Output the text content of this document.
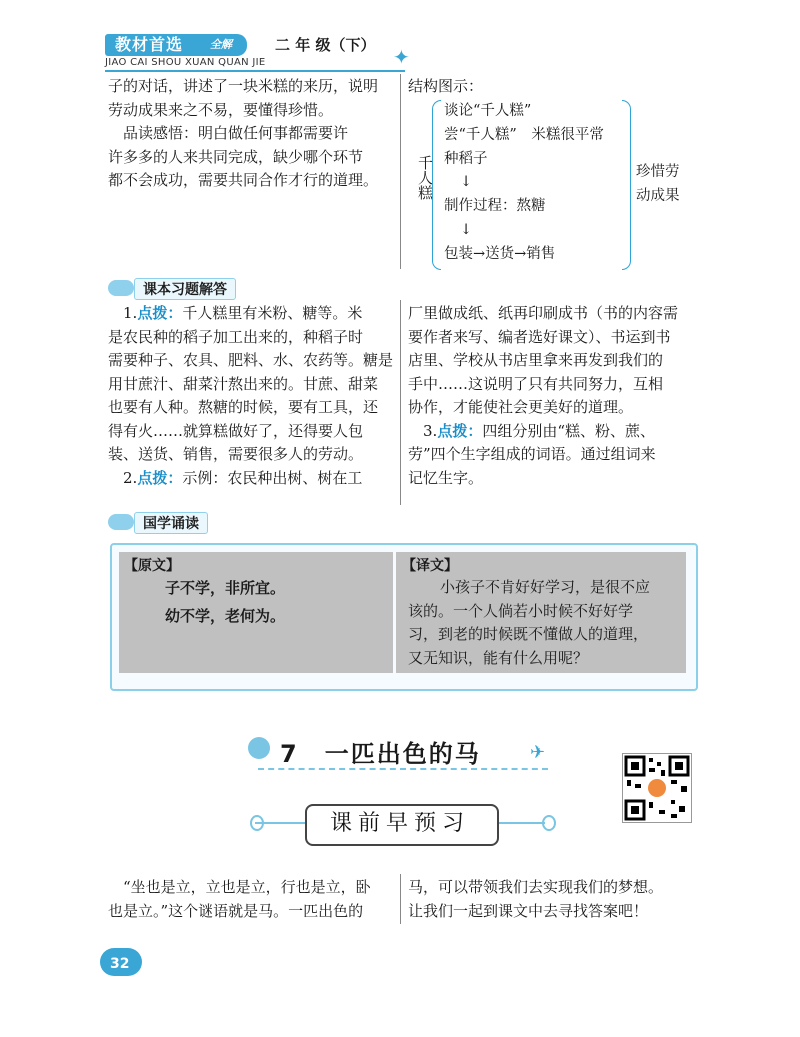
教材首选 全解	二 年 级（下）
JIAO CAI SHOU XUAN QUAN JIE	✦
子的对话，讲述了一块米糕的来历，说明
劳动成果来之不易，要懂得珍惜。
　品读感悟：明白做任何事都需要许
许多多的人来共同完成，缺少哪个环节
都不会成功，需要共同合作才行的道理。
结构图示：
千人糕
谈论“千人糕”
尝“千人糕”　米糕很平常
种稻子
↓
制作过程：熬糖
↓
包装→送货→销售
珍惜劳
动成果
课本习题解答
　1.点拨：千人糕里有米粉、糖等。米
是农民种的稻子加工出来的，种稻子时
需要种子、农具、肥料、水、农药等。糖是
用甘蔗汁、甜菜汁熬出来的。甘蔗、甜菜
也要有人种。熬糖的时候，要有工具，还
得有火……就算糕做好了，还得要人包
装、送货、销售，需要很多人的劳动。
　2.点拨：示例：农民种出树、树在工
厂里做成纸、纸再印刷成书（书的内容需
要作者来写、编者选好课文）、书运到书
店里、学校从书店里拿来再发到我们的
手中……这说明了只有共同努力，互相
协作，才能使社会更美好的道理。
　3.点拨：四组分别由“糕、粉、蔗、
劳”四个生字组成的词语。通过组词来
记忆生字。
国学诵读
【原文】
子不学，非所宜。
幼不学，老何为。
【译文】
小孩子不肯好好学习，是很不应
该的。一个人倘若小时候不好好学
习，到老的时候既不懂做人的道理，
又无知识，能有什么用呢？
7　 一匹出色的马	✈
课前早预习
“坐也是立，立也是立，行也是立，卧
也是立。”这个谜语就是马。一匹出色的
马，可以带领我们去实现我们的梦想。
让我们一起到课文中去寻找答案吧！
32
